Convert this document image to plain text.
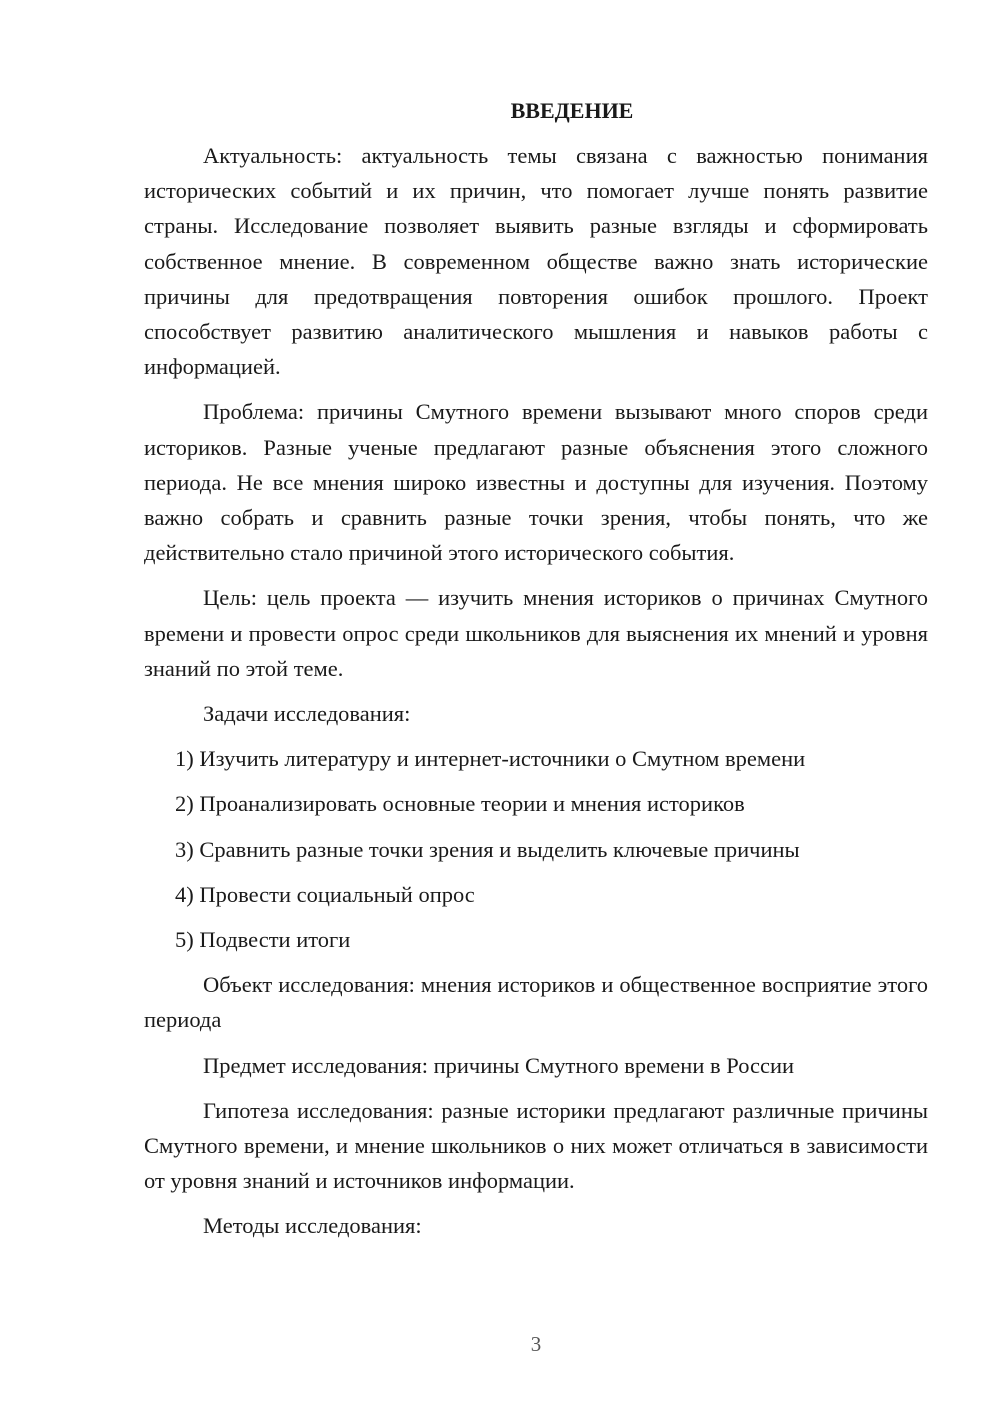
ВВЕДЕНИЕ

Актуальность: актуальность темы связана с важностью понимания исторических событий и их причин, что помогает лучше понять развитие страны. Исследование позволяет выявить разные взгляды и сформировать собственное мнение. В современном обществе важно знать исторические причины для предотвращения повторения ошибок прошлого. Проект способствует развитию аналитического мышления и навыков работы с информацией.

Проблема: причины Смутного времени вызывают много споров среди историков. Разные ученые предлагают разные объяснения этого сложного периода. Не все мнения широко известны и доступны для изучения. Поэтому важно собрать и сравнить разные точки зрения, чтобы понять, что же действительно стало причиной этого исторического события.

Цель: цель проекта — изучить мнения историков о причинах Смутного времени и провести опрос среди школьников для выяснения их мнений и уровня знаний по этой теме.

Задачи исследования:

1) Изучить литературу и интернет-источники о Смутном времени
2) Проанализировать основные теории и мнения историков
3) Сравнить разные точки зрения и выделить ключевые причины
4) Провести социальный опрос
5) Подвести итоги

Объект исследования: мнения историков и общественное восприятие этого периода

Предмет исследования: причины Смутного времени в России

Гипотеза исследования: разные историки предлагают различные причины Смутного времени, и мнение школьников о них может отличаться в зависимости от уровня знаний и источников информации.

Методы исследования:

3
